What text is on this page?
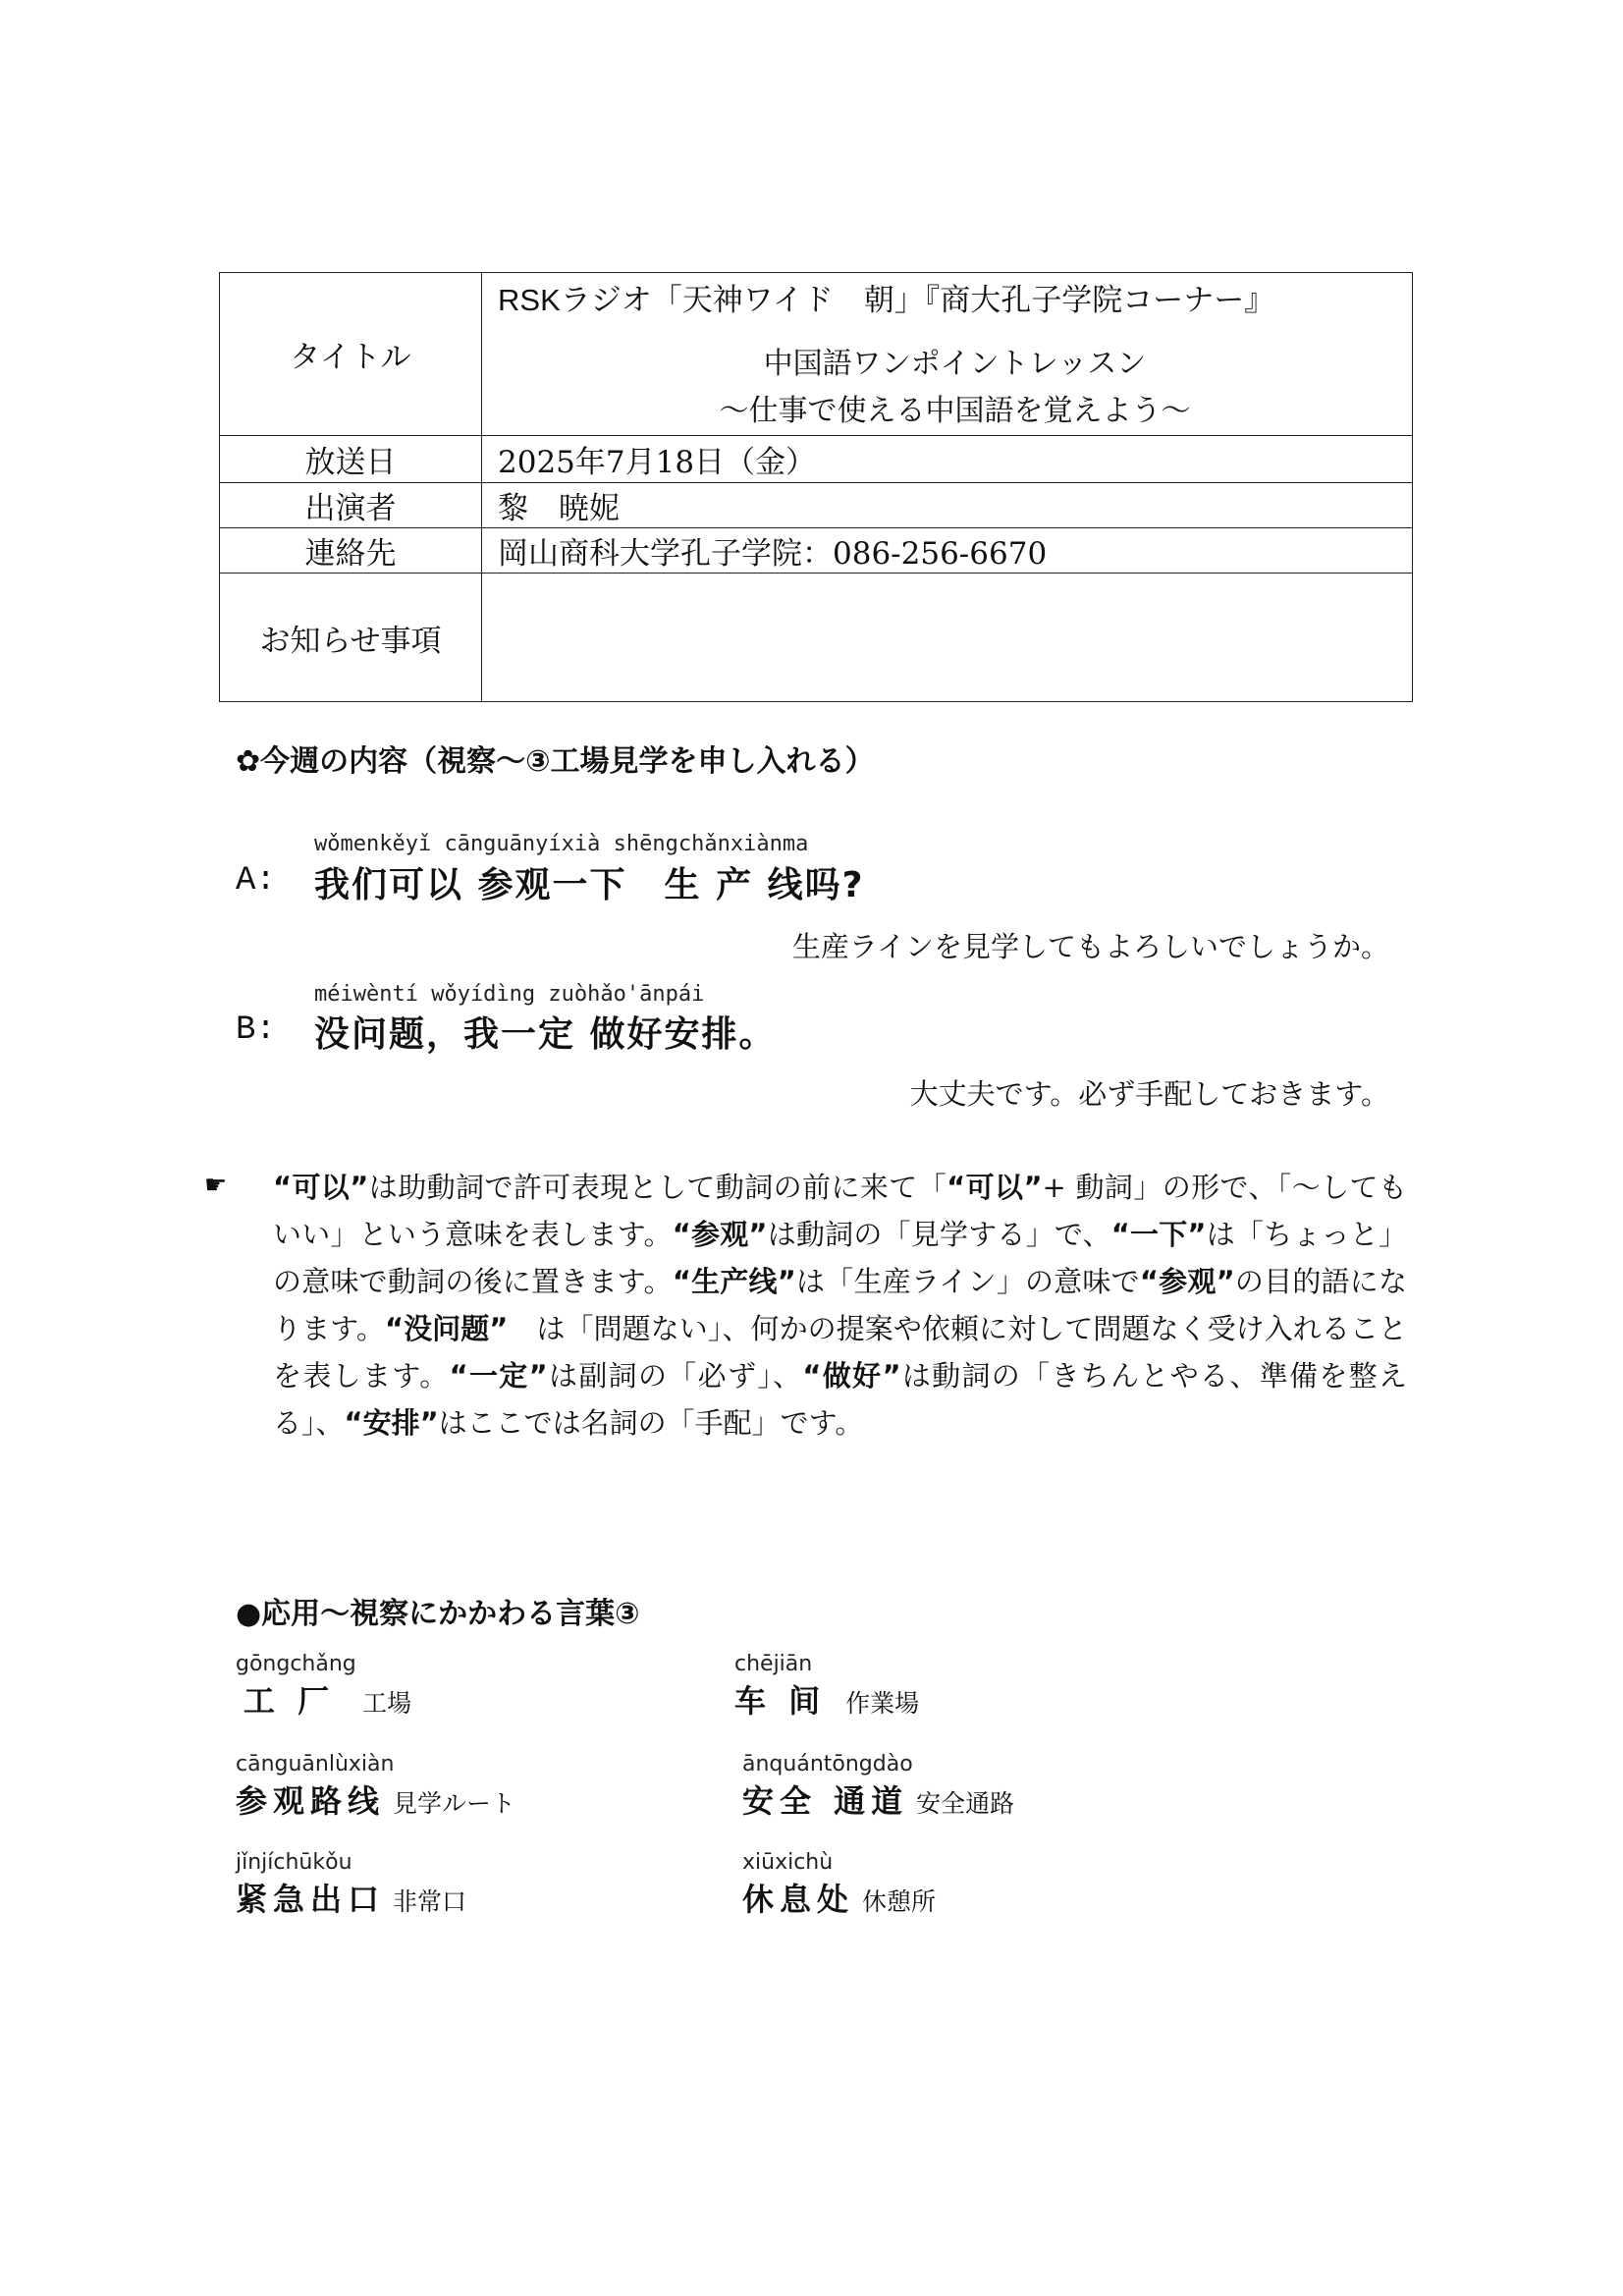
タイトル	RSKラジオ「天神ワイド　朝」『商大孔子学院コーナー』
中国語ワンポイントレッスン
～仕事で使える中国語を覚えよう～

放送日	2025年7月18日（金）
出演者	黎　暁妮
連絡先	岡山商科大学孔子学院：086-256-6670
お知らせ事項	
✿今週の内容（視察～③工場見学を申し入れる）
wǒmenkěyǐ cānguānyíxià shēngchǎnxiànma
A: 我们可以 参观一下　生 产 线吗?
生産ラインを見学してもよろしいでしょうか。
méiwèntí wǒyídìng zuòhǎo'ānpái
B: 没问题，我一定 做好安排。
大丈夫です。必ず手配しておきます。
☛ “可以”は助動詞で許可表現として動詞の前に来て「“可以”+ 動詞」の形で、「～してもいい」という意味を表します。“参观”は動詞の「見学する」で、“一下”は「ちょっと」の意味で動詞の後に置きます。“生产线”は「生産ライン」の意味で“参观”の目的語になります。“没问题”　は「問題ない」、何かの提案や依頼に対して問題なく受け入れることを表します。“一定”は副詞の「必ず」、“做好”は動詞の「きちんとやる、準備を整える」、“安排”はここでは名詞の「手配」です。
●応用～視察にかかわる言葉③
gōngchǎng
工 厂 工場
chējiān
车 间 作業場
cānguānlùxiàn
参观路线 見学ルート
ānquántōngdào
安全 通道 安全通路
jǐnjíchūkǒu
紧急出口 非常口
xiūxichù
休息处 休憩所
